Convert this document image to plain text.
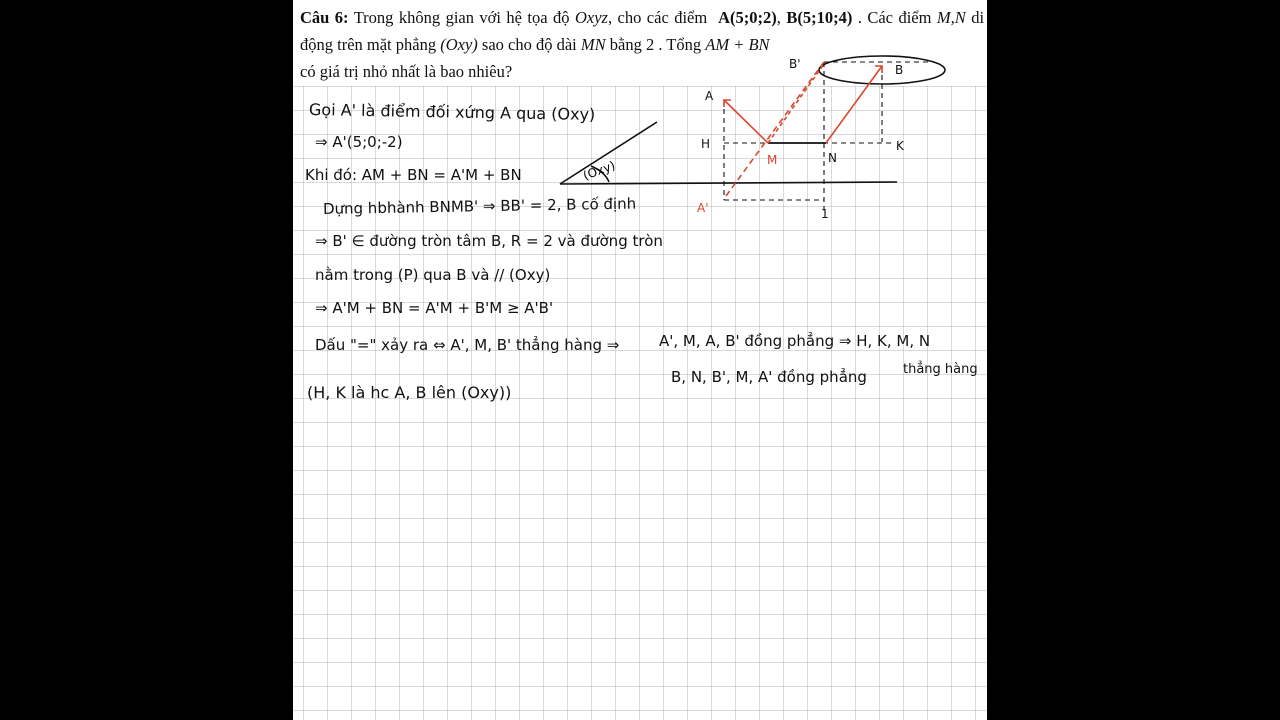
Câu 6: Trong không gian với hệ tọa độ Oxyz, cho các điểm A(5;0;2), B(5;10;4) . Các điểm M,N di động trên mặt phẳng (Oxy) sao cho độ dài MN bằng 2 . Tổng AM + BN
có giá trị nhỏ nhất là bao nhiêu?
Gọi A' là điểm đối xứng A qua (Oxy)
⇒ A'(5;0;-2)
Khi đó: AM + BN = A'M + BN
Dựng hbhành BNMB' ⇒ BB' = 2, B cố định
⇒ B' ∈ đường tròn tâm B, R = 2 và đường tròn
nằm trong (P) qua B và // (Oxy)
⇒ A'M + BN = A'M + B'M ≥ A'B'
Dấu "=" xảy ra ⇔ A', M, B' thẳng hàng ⇒	A', M, A, B' đồng phẳng ⇒ H, K, M, N
B, N, B', M, A' đồng phẳng	thẳng hàng
(H, K là hc A, B lên (Oxy))
(Oxy)
A
H
M	N
K
A'
B'	B
1
